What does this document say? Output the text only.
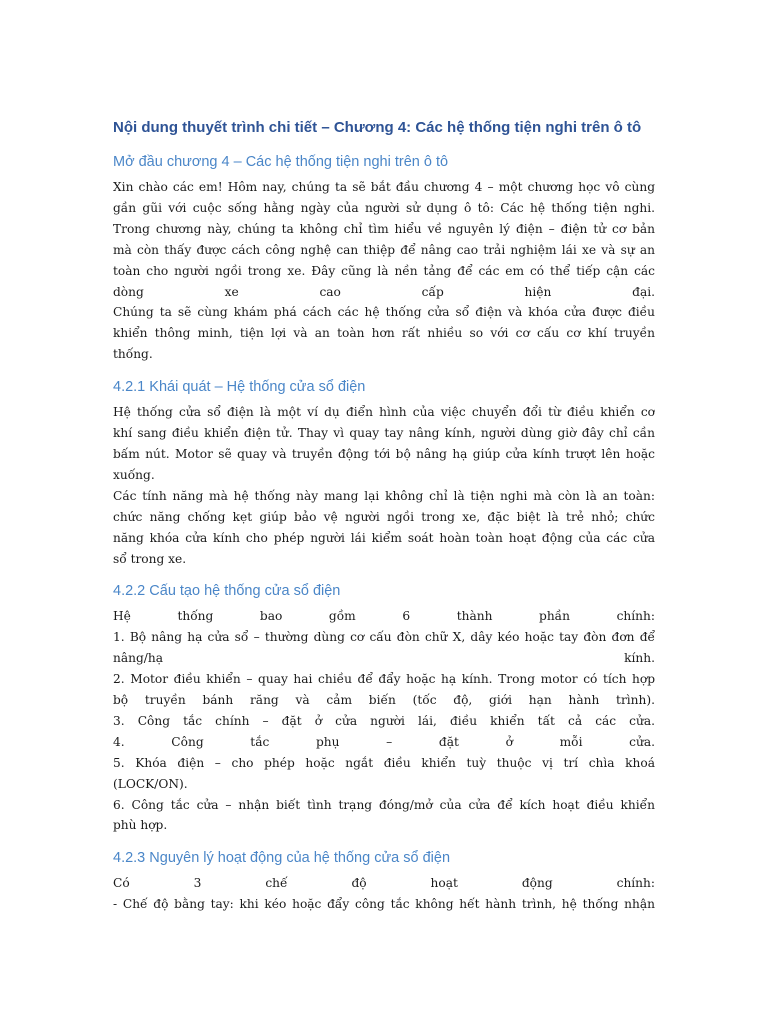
Nội dung thuyết trình chi tiết – Chương 4: Các hệ thống tiện nghi trên ô tô
Mở đầu chương 4 – Các hệ thống tiện nghi trên ô tô
Xin chào các em! Hôm nay, chúng ta sẽ bắt đầu chương 4 – một chương học vô cùng
gần gũi với cuộc sống hằng ngày của người sử dụng ô tô: Các hệ thống tiện nghi.
Trong chương này, chúng ta không chỉ tìm hiểu về nguyên lý điện – điện tử cơ bản
mà còn thấy được cách công nghệ can thiệp để nâng cao trải nghiệm lái xe và sự an
toàn cho người ngồi trong xe. Đây cũng là nền tảng để các em có thể tiếp cận các
dòng xe cao cấp hiện đại.
Chúng ta sẽ cùng khám phá cách các hệ thống cửa sổ điện và khóa cửa được điều
khiển thông minh, tiện lợi và an toàn hơn rất nhiều so với cơ cấu cơ khí truyền
thống.
4.2.1 Khái quát – Hệ thống cửa sổ điện
Hệ thống cửa sổ điện là một ví dụ điển hình của việc chuyển đổi từ điều khiển cơ
khí sang điều khiển điện tử. Thay vì quay tay nâng kính, người dùng giờ đây chỉ cần
bấm nút. Motor sẽ quay và truyền động tới bộ nâng hạ giúp cửa kính trượt lên hoặc
xuống.
Các tính năng mà hệ thống này mang lại không chỉ là tiện nghi mà còn là an toàn:
chức năng chống kẹt giúp bảo vệ người ngồi trong xe, đặc biệt là trẻ nhỏ; chức
năng khóa cửa kính cho phép người lái kiểm soát hoàn toàn hoạt động của các cửa
sổ trong xe.
4.2.2 Cấu tạo hệ thống cửa sổ điện
Hệ thống bao gồm 6 thành phần chính:
1. Bộ nâng hạ cửa sổ – thường dùng cơ cấu đòn chữ X, dây kéo hoặc tay đòn đơn để
nâng/hạ kính.
2. Motor điều khiển – quay hai chiều để đẩy hoặc hạ kính. Trong motor có tích hợp
bộ truyền bánh răng và cảm biến (tốc độ, giới hạn hành trình).
3. Công tắc chính – đặt ở cửa người lái, điều khiển tất cả các cửa.
4. Công tắc phụ – đặt ở mỗi cửa.
5. Khóa điện – cho phép hoặc ngắt điều khiển tuỳ thuộc vị trí chìa khoá
(LOCK/ON).
6. Công tắc cửa – nhận biết tình trạng đóng/mở của cửa để kích hoạt điều khiển
phù hợp.
4.2.3 Nguyên lý hoạt động của hệ thống cửa sổ điện
Có 3 chế độ hoạt động chính:
- Chế độ bằng tay: khi kéo hoặc đẩy công tắc không hết hành trình, hệ thống nhận
